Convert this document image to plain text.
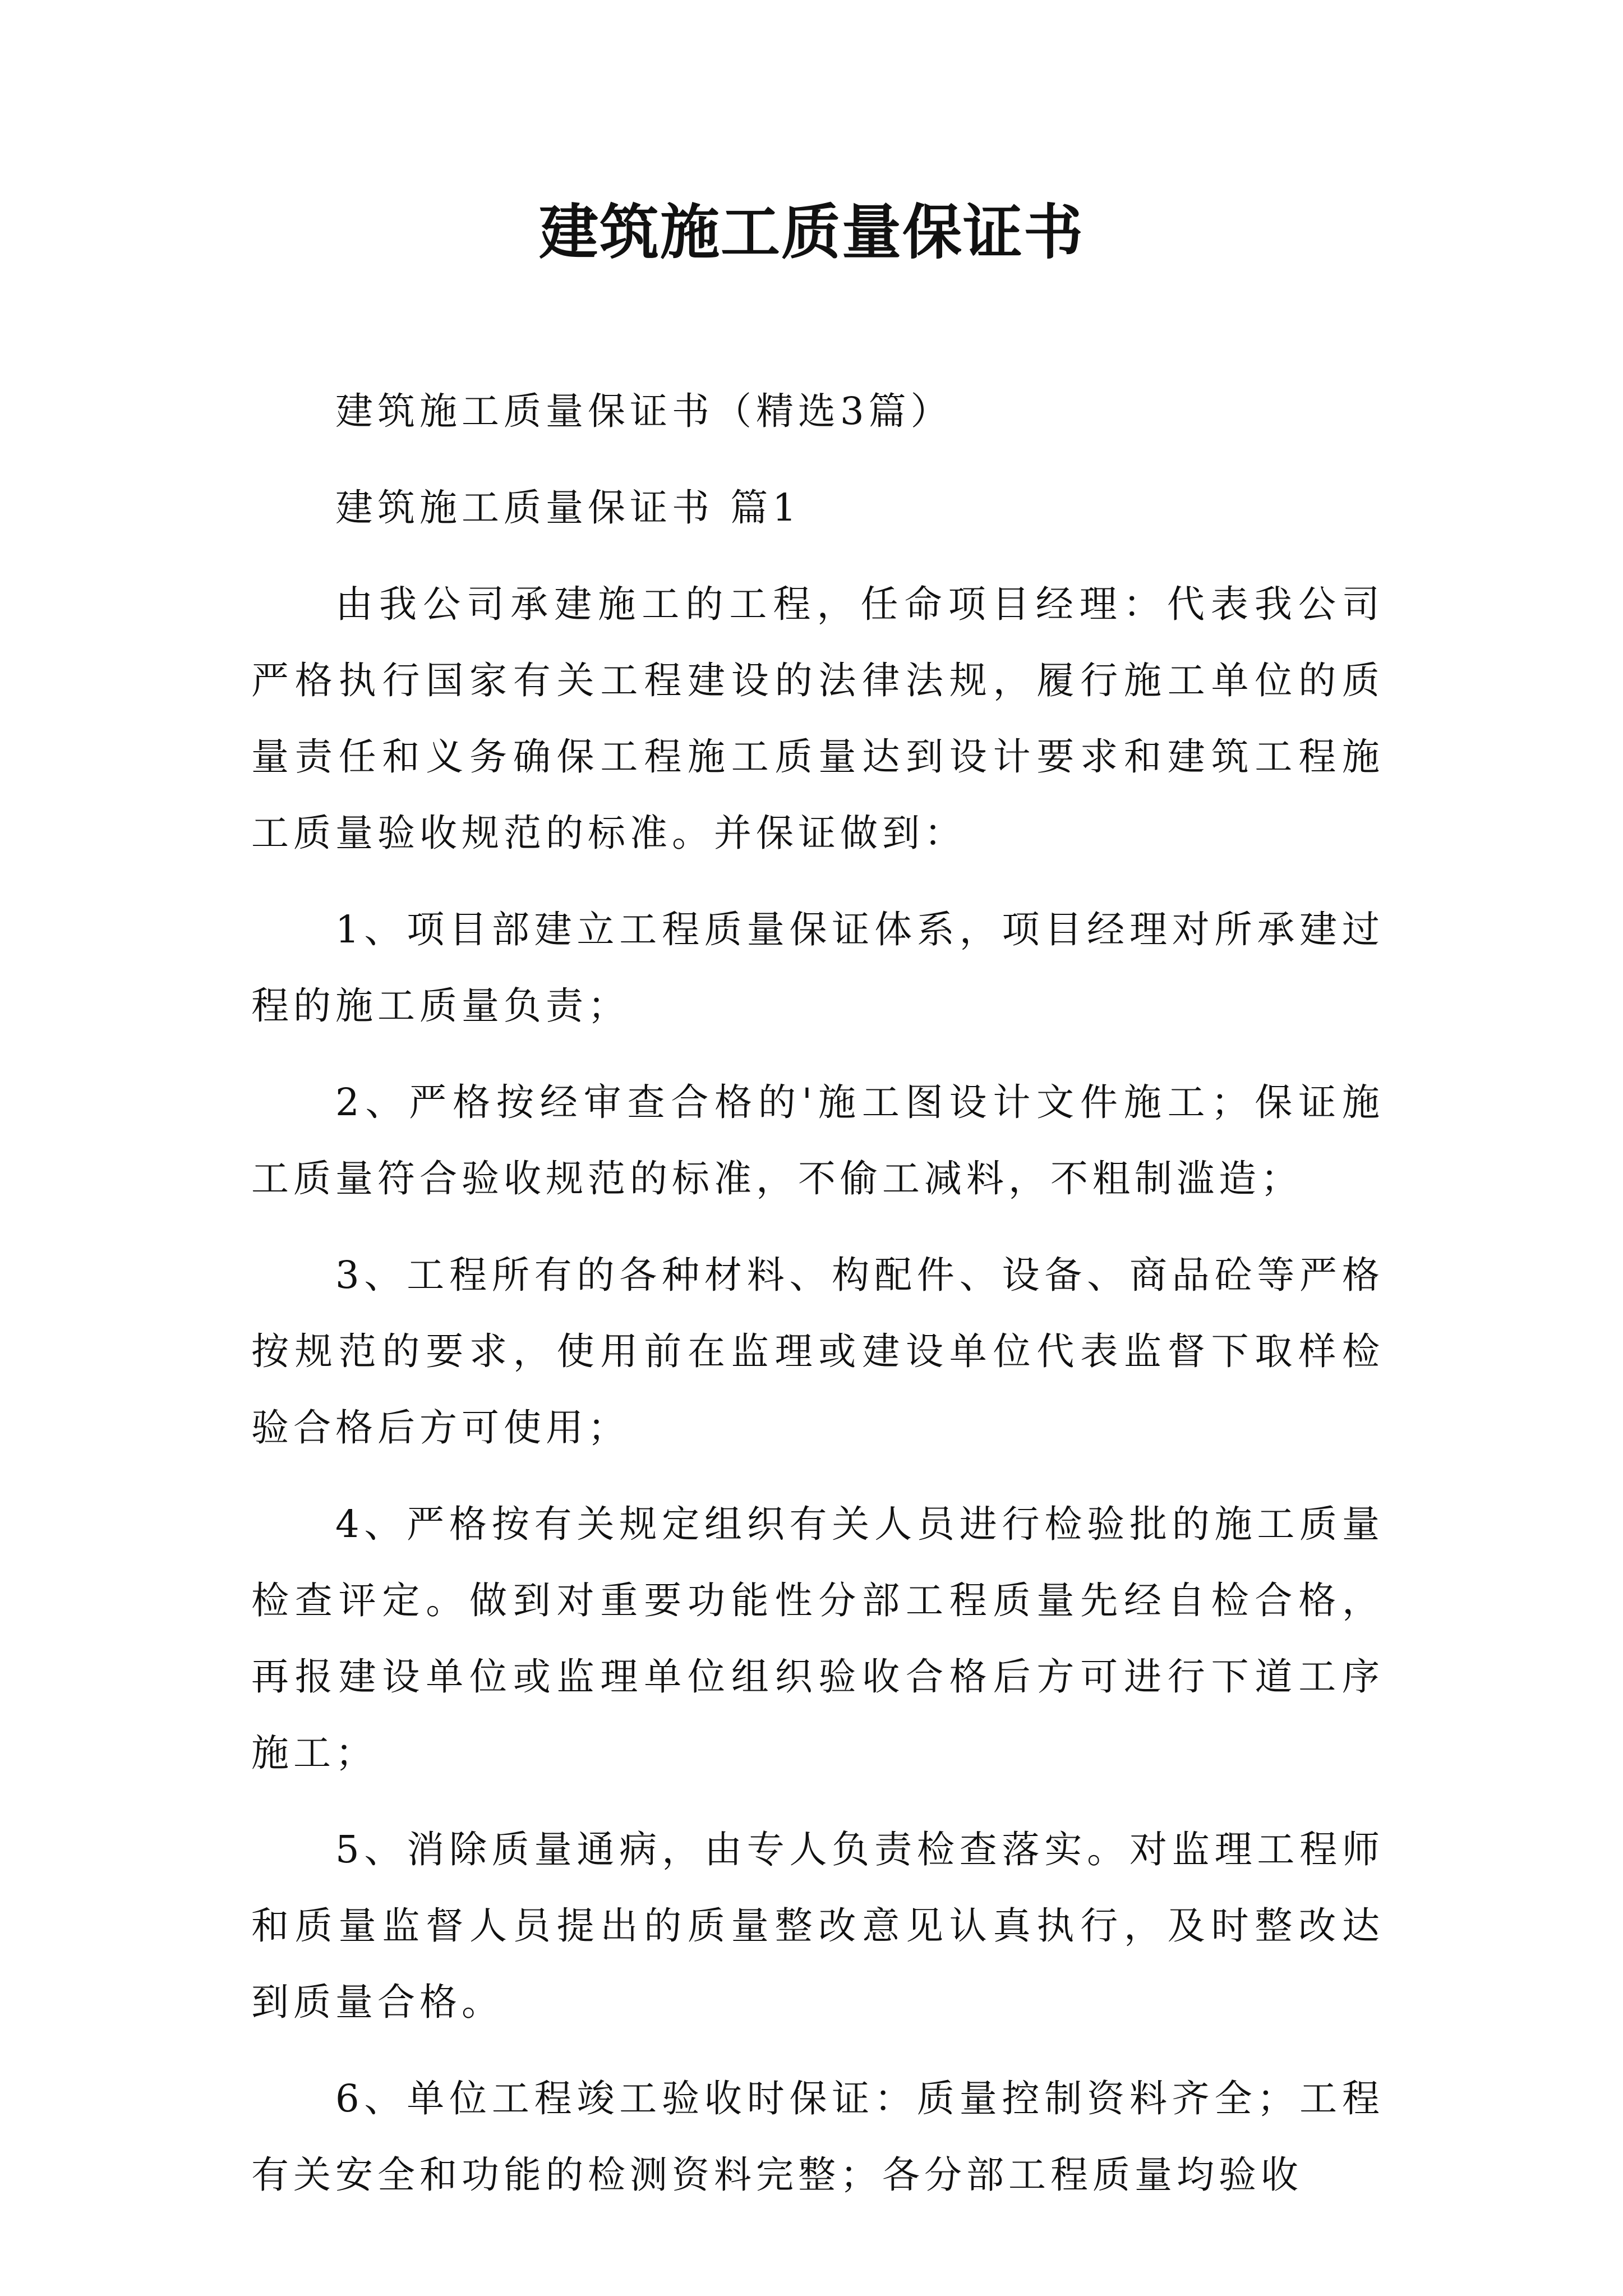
建筑施工质量保证书

建筑施工质量保证书（精选3篇）

建筑施工质量保证书 篇1

由我公司承建施工的工程，任命项目经理：代表我公司严格执行国家有关工程建设的法律法规，履行施工单位的质量责任和义务确保工程施工质量达到设计要求和建筑工程施工质量验收规范的标准。并保证做到：

1、项目部建立工程质量保证体系，项目经理对所承建过程的施工质量负责；

2、严格按经审查合格的'施工图设计文件施工；保证施工质量符合验收规范的标准，不偷工减料，不粗制滥造；

3、工程所有的各种材料、构配件、设备、商品砼等严格按规范的要求，使用前在监理或建设单位代表监督下取样检验合格后方可使用；

4、严格按有关规定组织有关人员进行检验批的施工质量检查评定。做到对重要功能性分部工程质量先经自检合格，再报建设单位或监理单位组织验收合格后方可进行下道工序施工；

5、消除质量通病，由专人负责检查落实。对监理工程师和质量监督人员提出的质量整改意见认真执行，及时整改达到质量合格。

6、单位工程竣工验收时保证：质量控制资料齐全；工程有关安全和功能的检测资料完整；各分部工程质量均验收
